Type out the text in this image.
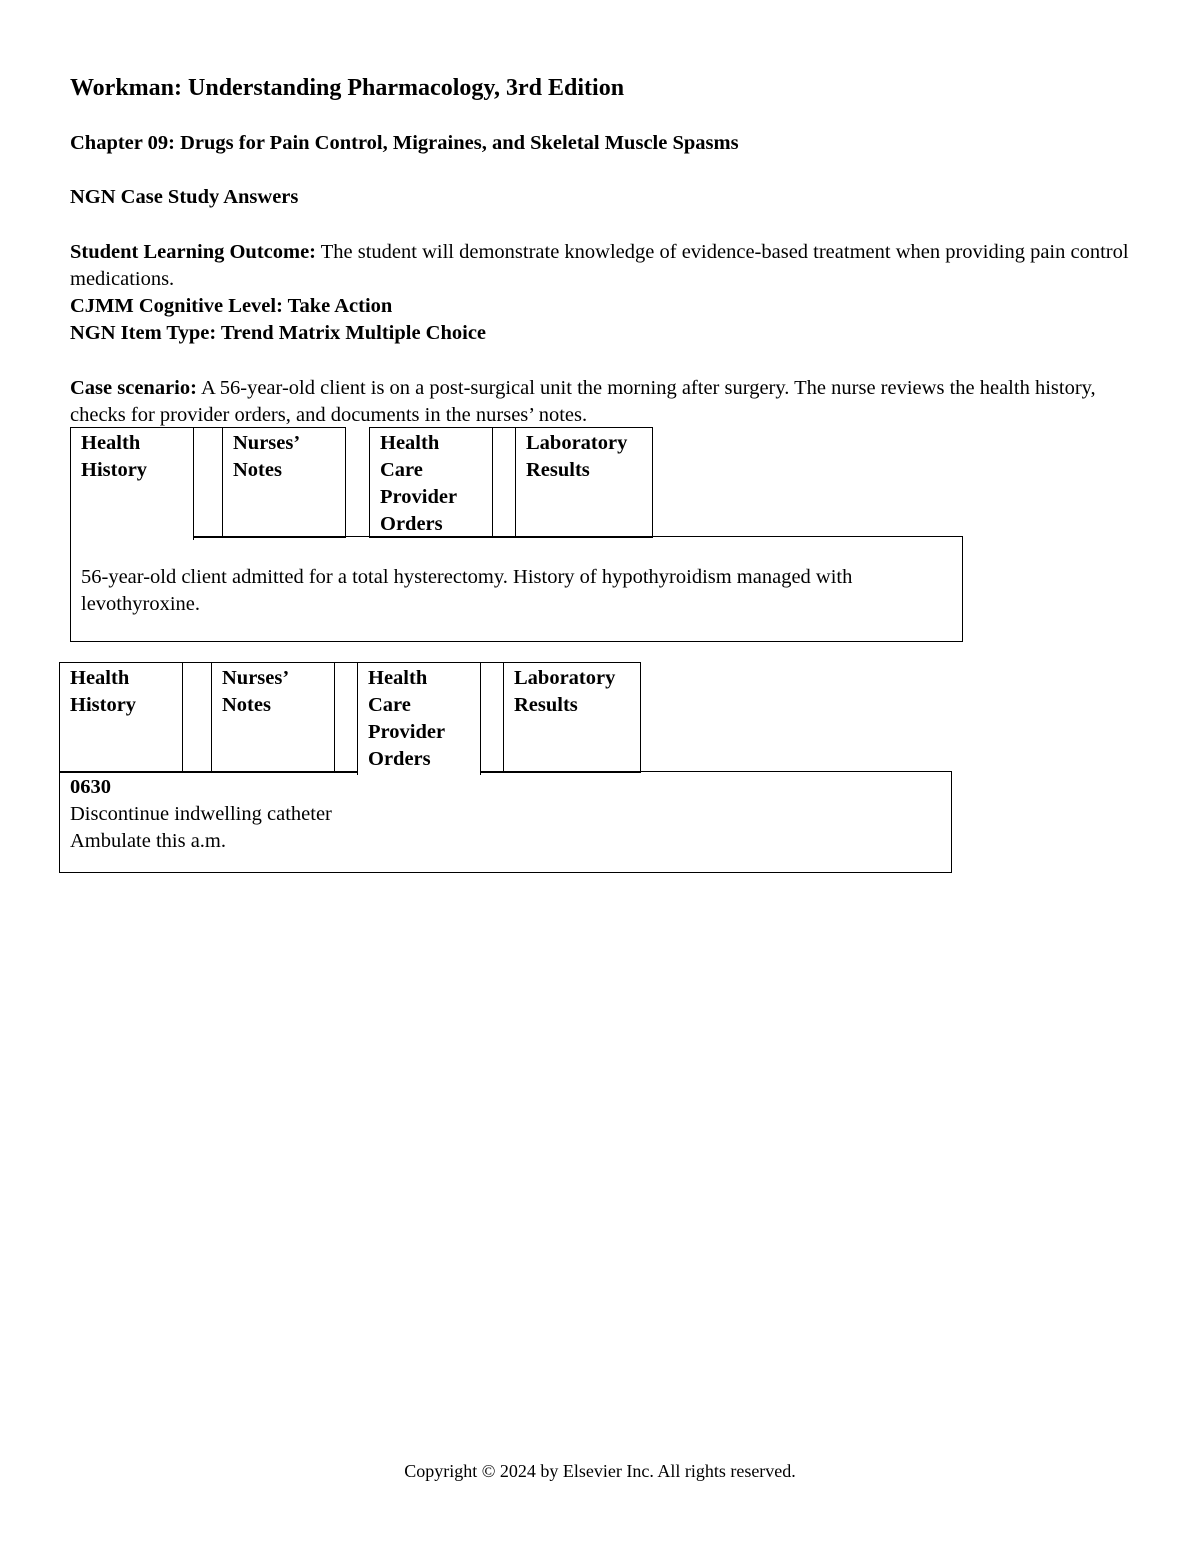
Workman: Understanding Pharmacology, 3rd Edition
Chapter 09: Drugs for Pain Control, Migraines, and Skeletal Muscle Spasms
NGN Case Study Answers
Student Learning Outcome: The student will demonstrate knowledge of evidence-based treatment when providing pain control medications.
CJMM Cognitive Level: Take Action
NGN Item Type: Trend Matrix Multiple Choice
Case scenario: A 56-year-old client is on a post-surgical unit the morning after surgery. The nurse reviews the health history, checks for provider orders, and documents in the nurses’ notes.
Health History
Nurses’ Notes
Health Care Provider Orders
Laboratory Results
56-year-old client admitted for a total hysterectomy. History of hypothyroidism managed with levothyroxine.
Health History
Nurses’ Notes
Health Care Provider Orders
Laboratory Results
0630
Discontinue indwelling catheter
Ambulate this a.m.
Copyright © 2024 by Elsevier Inc. All rights reserved.
